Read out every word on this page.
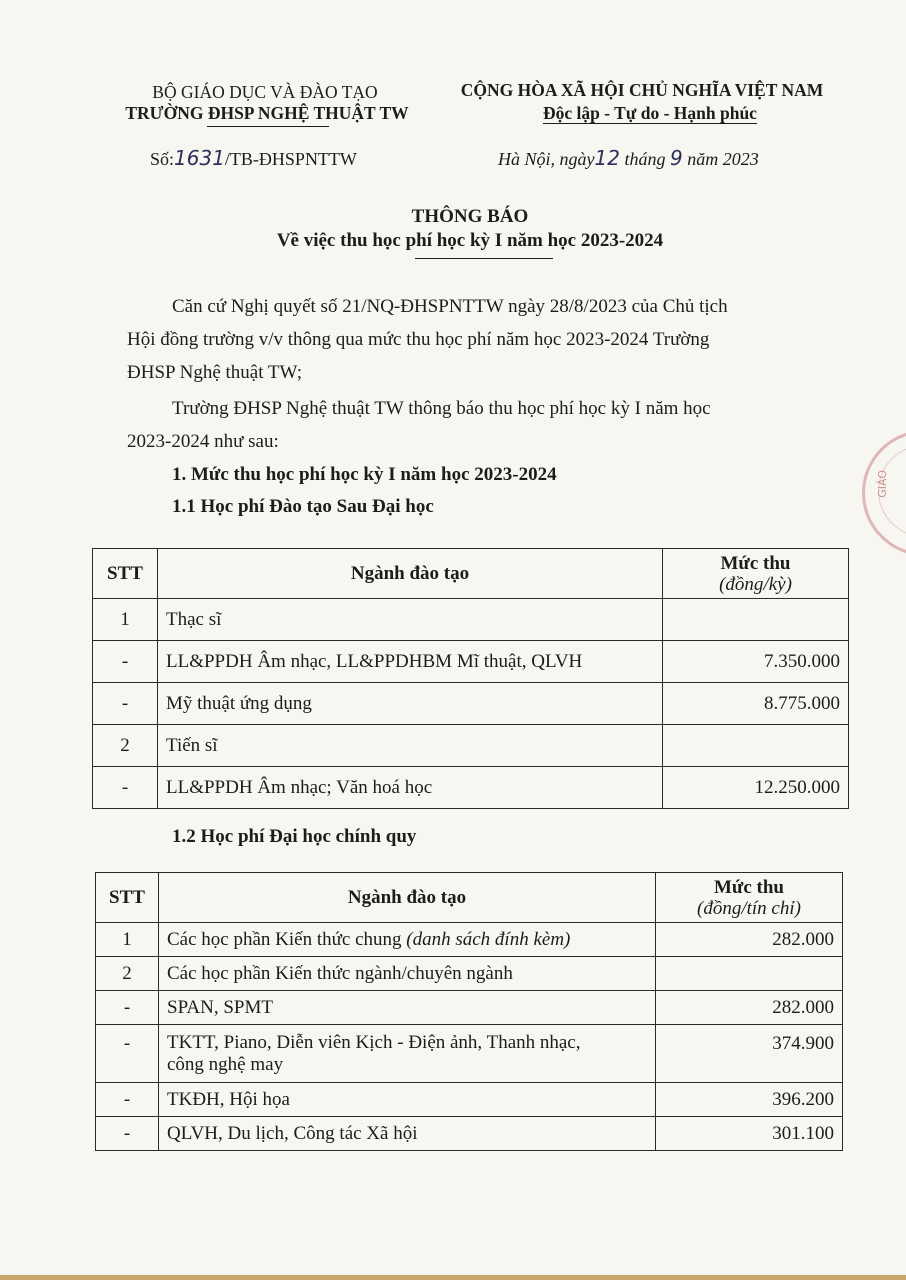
BỘ GIÁO DỤC VÀ ĐÀO TẠO
TRƯỜNG ĐHSP NGHỆ THUẬT TW
CỘNG HÒA XÃ HỘI CHỦ NGHĨA VIỆT NAM
Độc lập - Tự do - Hạnh phúc
Số:1631/TB-ĐHSPNTTW	Hà Nội, ngày12 tháng 9 năm 2023
THÔNG BÁO
Về việc thu học phí học kỳ I năm học 2023-2024
Căn cứ Nghị quyết số 21/NQ-ĐHSPNTTW ngày 28/8/2023 của Chủ tịch
Hội đồng trường v/v thông qua mức thu học phí năm học 2023-2024 Trường
ĐHSP Nghệ thuật TW;
Trường ĐHSP Nghệ thuật TW thông báo thu học phí học kỳ I năm học
2023-2024 như sau:
1. Mức thu học phí học kỳ I năm học 2023-2024
1.1 Học phí Đào tạo Sau Đại học
STT	Ngành đào tạo	Mức thu
(đồng/kỳ)

1	Thạc sĩ	
-	LL&PPDH Âm nhạc, LL&PPDHBM Mĩ thuật, QLVH	7.350.000
-	Mỹ thuật ứng dụng	8.775.000
2	Tiến sĩ	
-	LL&PPDH Âm nhạc; Văn hoá học	12.250.000
1.2 Học phí Đại học chính quy
STT	Ngành đào tạo	Mức thu
(đồng/tín chỉ)

1	Các học phần Kiến thức chung (danh sách đính kèm)	282.000
2	Các học phần Kiến thức ngành/chuyên ngành	
-	SPAN, SPMT	282.000
-	TKTT, Piano, Diễn viên Kịch - Điện ảnh, Thanh nhạc,
công nghệ may	374.900
-	TKĐH, Hội họa	396.200
-	QLVH, Du lịch, Công tác Xã hội	301.100
GIÁO
